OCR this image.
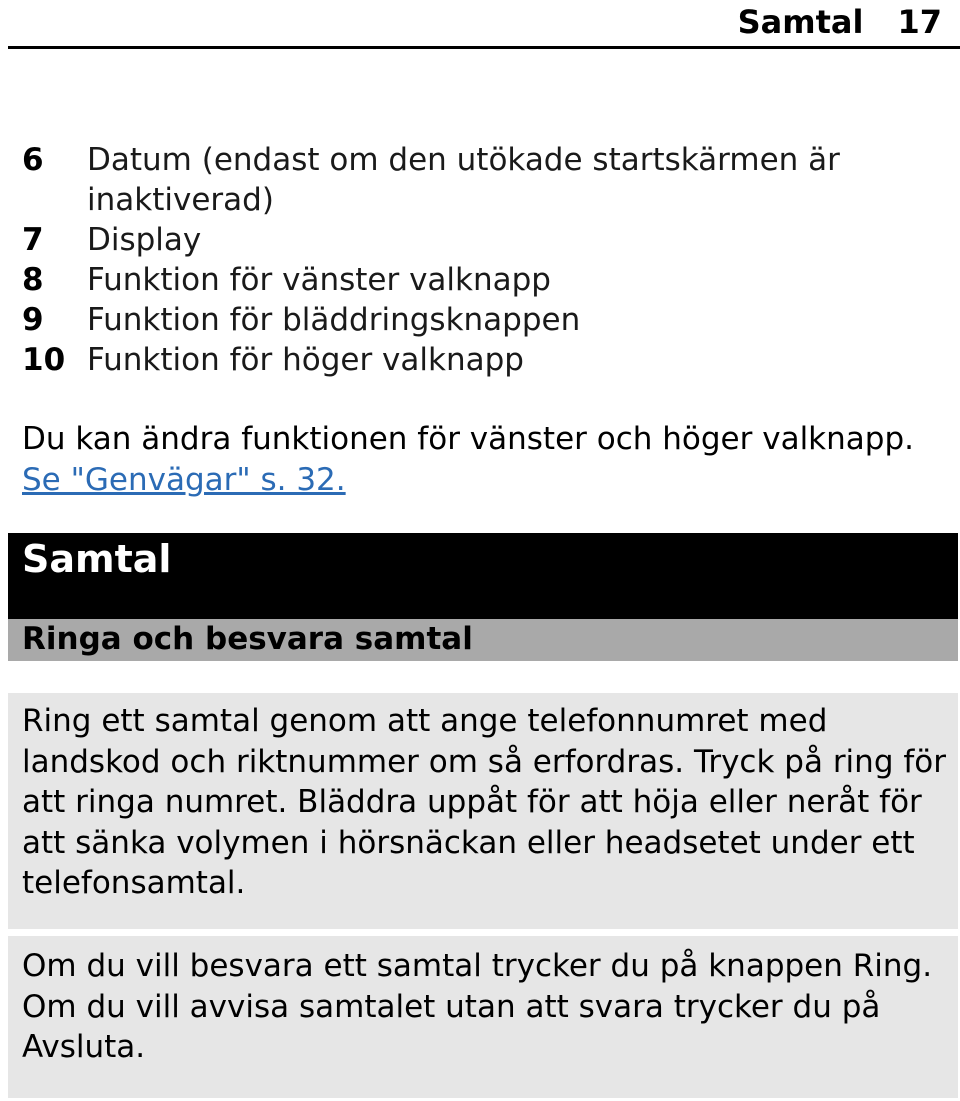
Samtal 17
6	Datum (endast om den utökade startskärmen är inaktiverad)
7	Display
8	Funktion för vänster valknapp
9	Funktion för bläddringsknappen
10 Funktion för höger valknapp
Du kan ändra funktionen för vänster och höger valknapp.
Se "Genvägar" s. 32.
Samtal
Ringa och besvara samtal

Ring ett samtal genom att ange telefonnumret med landskod och riktnummer om så erfordras. Tryck på ring för att ringa numret. Bläddra uppåt för att höja eller neråt för att sänka volymen i hörsnäckan eller headsetet under ett telefonsamtal.

Om du vill besvara ett samtal trycker du på knappen Ring. Om du vill avvisa samtalet utan att svara trycker du på Avsluta.
